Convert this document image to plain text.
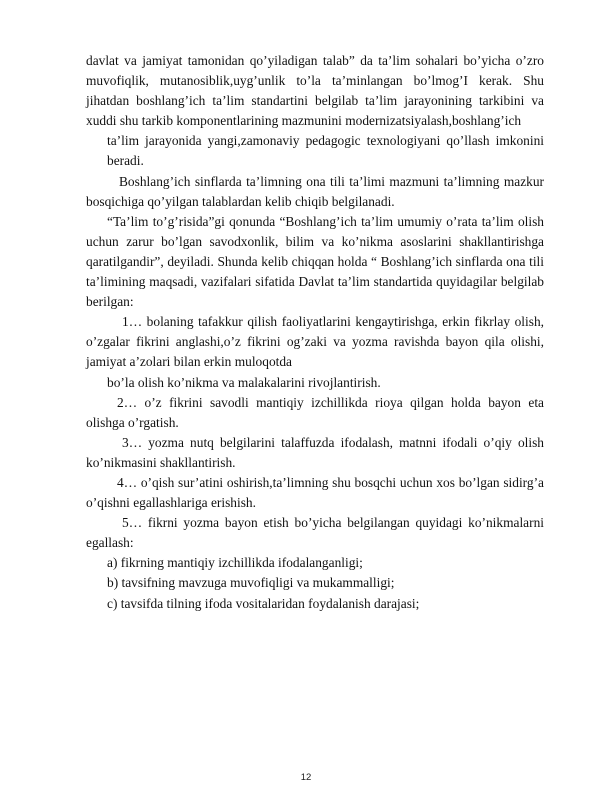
davlat va jamiyat tamonidan qo’yiladigan talab” da ta’lim sohalari bo’yicha o’zro muvofiqlik, mutanosiblik,uyg’unlik to’la ta’minlangan bo’lmog’I kerak. Shu jihatdan boshlang’ich ta’lim standartini belgilab ta’lim jarayonining tarkibini va xuddi shu tarkib komponentlarining mazmunini modernizatsiyalash,boshlang’ich

ta’lim jarayonida yangi,zamonaviy pedagogic texnologiyani qo’llash imkonini beradi.

Boshlang’ich sinflarda ta’limning ona tili ta’limi mazmuni ta’limning mazkur bosqichiga qo’yilgan talablardan kelib chiqib belgilanadi.

“Ta’lim to’g’risida”gi qonunda “Boshlang’ich ta’lim umumiy o’rata ta’lim olish uchun zarur bo’lgan savodxonlik, bilim va ko’nikma asoslarini shakllantirishga qaratilgandir”, deyiladi. Shunda kelib chiqqan holda “ Boshlang’ich sinflarda ona tili ta’limining maqsadi, vazifalari sifatida Davlat ta’lim standartida quyidagilar belgilab berilgan:

1… bolaning tafakkur qilish faoliyatlarini kengaytirishga, erkin fikrlay olish, o’zgalar fikrini anglashi,o’z fikrini og’zaki va yozma ravishda bayon qila olishi, jamiyat a’zolari bilan erkin muloqotda

bo’la olish ko’nikma va malakalarini rivojlantirish.

2… o’z fikrini savodli mantiqiy izchillikda rioya qilgan holda bayon eta olishga o’rgatish.

3… yozma nutq belgilarini talaffuzda ifodalash, matnni ifodali o’qiy olish ko’nikmasini shakllantirish.

4… o’qish sur’atini oshirish,ta’limning shu bosqchi uchun xos bo’lgan sidirg’a o’qishni egallashlariga erishish.

5… fikrni yozma bayon etish bo’yicha belgilangan quyidagi ko’nikmalarni egallash:

a) fikrning mantiqiy izchillikda ifodalanganligi;

b) tavsifning mavzuga muvofiqligi va mukammalligi;

c) tavsifda tilning ifoda vositalaridan foydalanish darajasi;

12
